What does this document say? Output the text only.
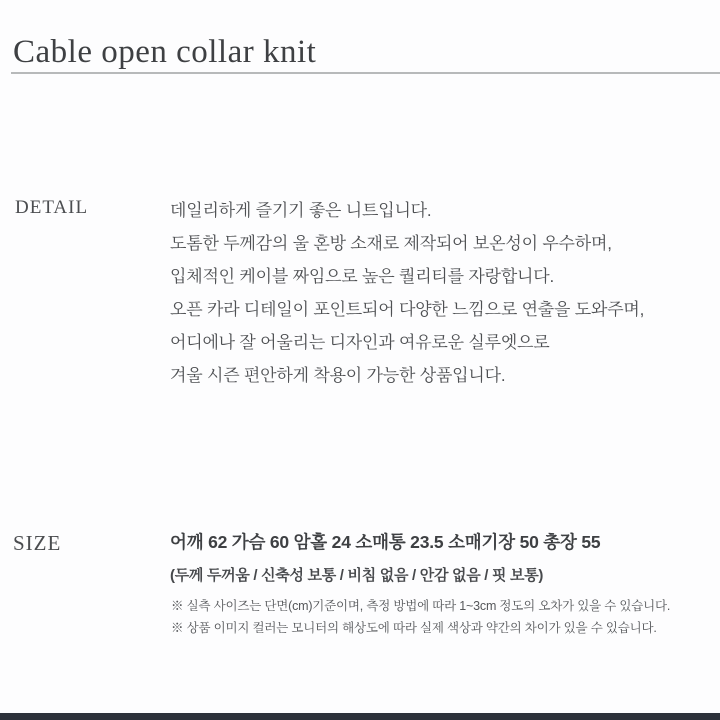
Cable open collar knit
DETAIL	데일리하게 즐기기 좋은 니트입니다.
도톰한 두께감의 울 혼방 소재로 제작되어 보온성이 우수하며,
입체적인 케이블 짜임으로 높은 퀄리티를 자랑합니다.
오픈 카라 디테일이 포인트되어 다양한 느낌으로 연출을 도와주며,
어디에나 잘 어울리는 디자인과 여유로운 실루엣으로
겨울 시즌 편안하게 착용이 가능한 상품입니다.
SIZE	어깨 62 가슴 60 암홀 24 소매통 23.5 소매기장 50 총장 55
(두께 두꺼움 / 신축성 보통 / 비침 없음 / 안감 없음 / 핏 보통)
※ 실측 사이즈는 단면(cm)기준이며, 측정 방법에 따라 1~3cm 정도의 오차가 있을 수 있습니다.
※ 상품 이미지 컬러는 모니터의 해상도에 따라 실제 색상과 약간의 차이가 있을 수 있습니다.
